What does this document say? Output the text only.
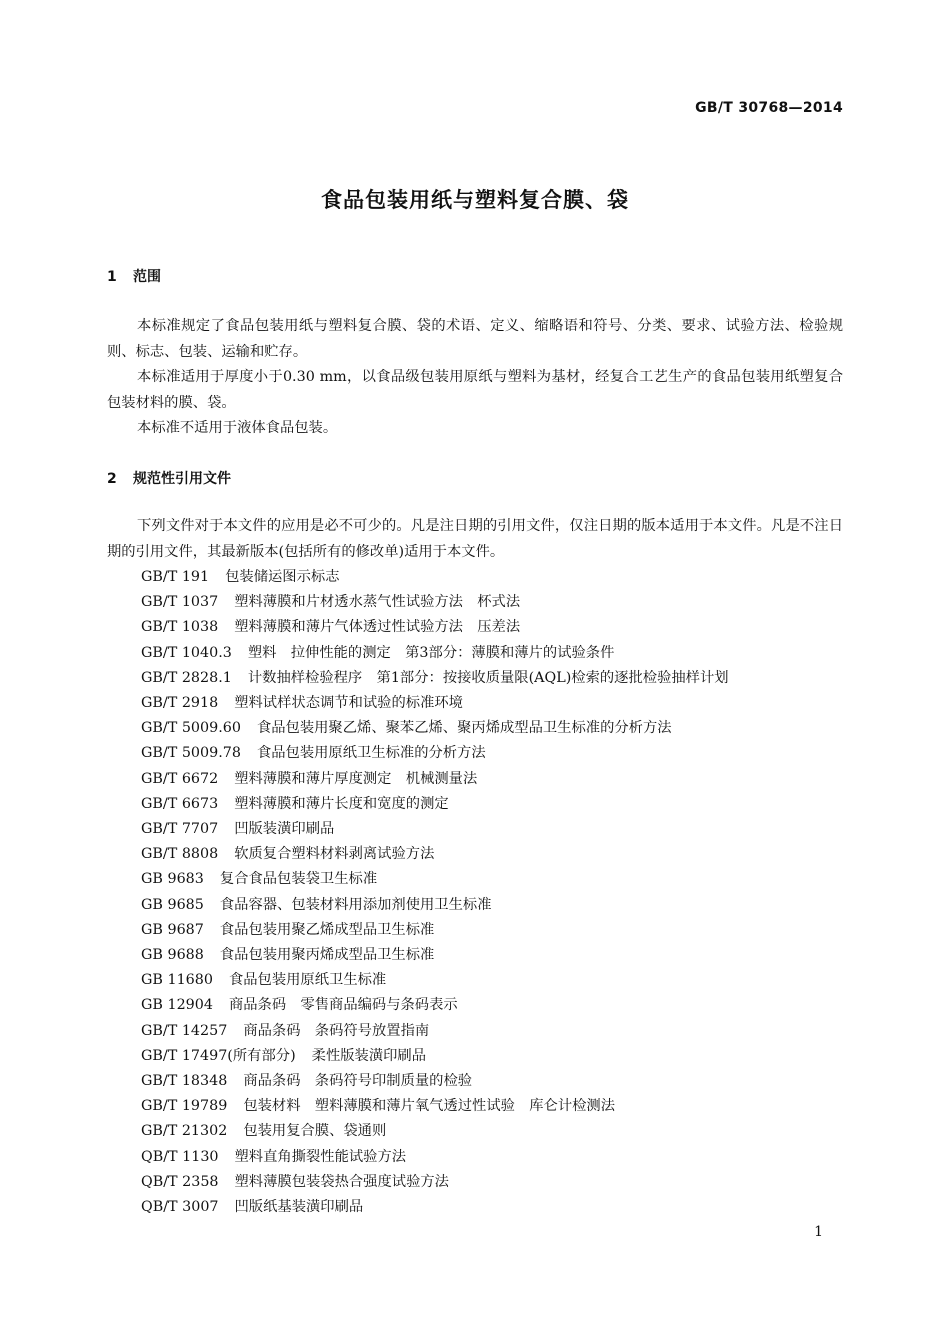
GB/T 30768—2014
食品包装用纸与塑料复合膜、袋
1 范围

本标准规定了食品包装用纸与塑料复合膜、袋的术语、定义、缩略语和符号、分类、要求、试验方法、检验规则、标志、包装、运输和贮存。

本标准适用于厚度小于0.30 mm，以食品级包装用原纸与塑料为基材，经复合工艺生产的食品包装用纸塑复合包装材料的膜、袋。

本标准不适用于液体食品包装。

2 规范性引用文件

下列文件对于本文件的应用是必不可少的。凡是注日期的引用文件，仅注日期的版本适用于本文件。凡是不注日期的引用文件，其最新版本(包括所有的修改单)适用于本文件。

GB/T 191 包装储运图示标志
GB/T 1037 塑料薄膜和片材透水蒸气性试验方法　杯式法
GB/T 1038 塑料薄膜和薄片气体透过性试验方法　压差法
GB/T 1040.3 塑料　拉伸性能的测定　第3部分：薄膜和薄片的试验条件
GB/T 2828.1 计数抽样检验程序　第1部分：按接收质量限(AQL)检索的逐批检验抽样计划
GB/T 2918 塑料试样状态调节和试验的标准环境
GB/T 5009.60 食品包装用聚乙烯、聚苯乙烯、聚丙烯成型品卫生标准的分析方法
GB/T 5009.78 食品包装用原纸卫生标准的分析方法
GB/T 6672 塑料薄膜和薄片厚度测定　机械测量法
GB/T 6673 塑料薄膜和薄片长度和宽度的测定
GB/T 7707 凹版装潢印刷品
GB/T 8808 软质复合塑料材料剥离试验方法
GB 9683 复合食品包装袋卫生标准
GB 9685 食品容器、包装材料用添加剂使用卫生标准
GB 9687 食品包装用聚乙烯成型品卫生标准
GB 9688 食品包装用聚丙烯成型品卫生标准
GB 11680 食品包装用原纸卫生标准
GB 12904 商品条码　零售商品编码与条码表示
GB/T 14257 商品条码　条码符号放置指南
GB/T 17497(所有部分) 柔性版装潢印刷品
GB/T 18348 商品条码　条码符号印制质量的检验
GB/T 19789 包装材料　塑料薄膜和薄片氧气透过性试验　库仑计检测法
GB/T 21302 包装用复合膜、袋通则
QB/T 1130 塑料直角撕裂性能试验方法
QB/T 2358 塑料薄膜包装袋热合强度试验方法
QB/T 3007 凹版纸基装潢印刷品
1
